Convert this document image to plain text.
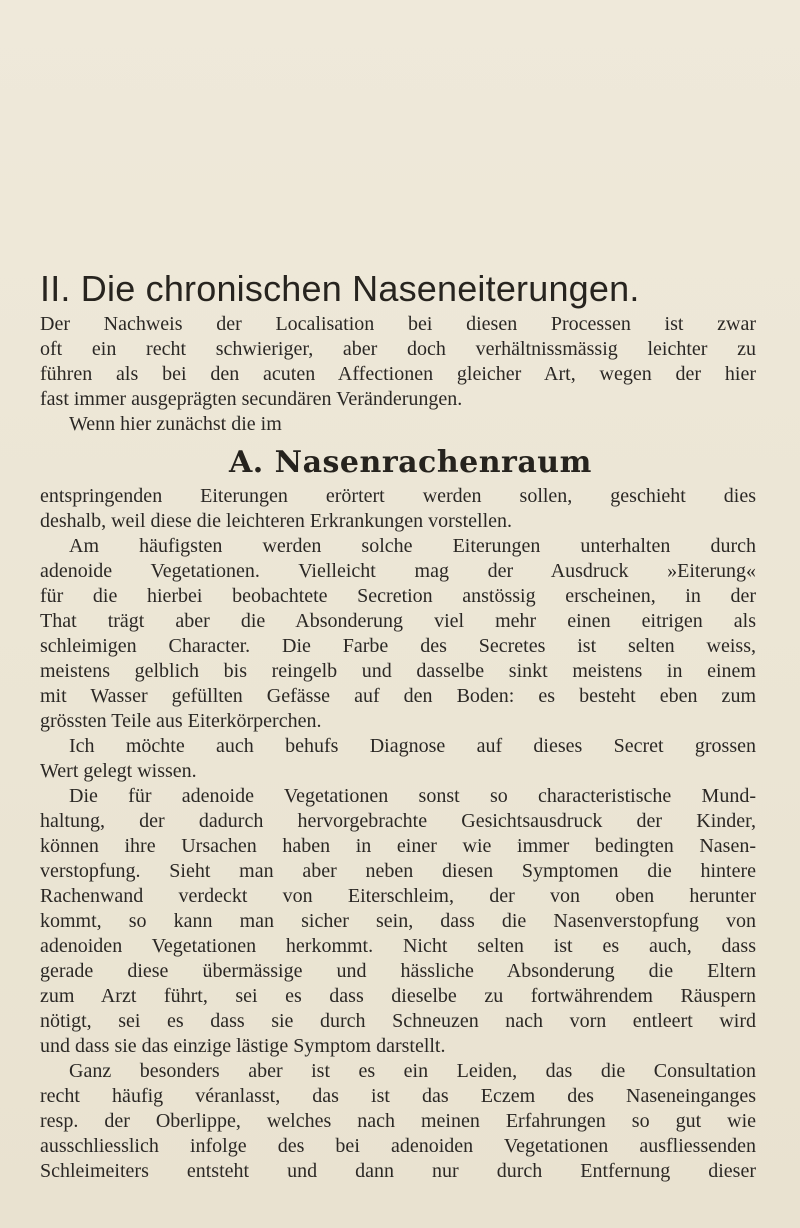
II. Die chronischen Naseneiterungen.
Der Nachweis der Localisation bei diesen Processen ist zwar
oft ein recht schwieriger, aber doch verhältnissmässig leichter zu
führen als bei den acuten Affectionen gleicher Art, wegen der hier
fast immer ausgeprägten secundären Veränderungen.
Wenn hier zunächst die im
A. Nasenrachenraum
entspringenden Eiterungen erörtert werden sollen, geschieht dies
deshalb, weil diese die leichteren Erkrankungen vorstellen.
Am häufigsten werden solche Eiterungen unterhalten durch
adenoide Vegetationen. Vielleicht mag der Ausdruck »Eiterung«
für die hierbei beobachtete Secretion anstössig erscheinen, in der
That trägt aber die Absonderung viel mehr einen eitrigen als
schleimigen Character. Die Farbe des Secretes ist selten weiss,
meistens gelblich bis reingelb und dasselbe sinkt meistens in einem
mit Wasser gefüllten Gefässe auf den Boden: es besteht eben zum
grössten Teile aus Eiterkörperchen.
Ich möchte auch behufs Diagnose auf dieses Secret grossen
Wert gelegt wissen.
Die für adenoide Vegetationen sonst so characteristische Mund-
haltung, der dadurch hervorgebrachte Gesichtsausdruck der Kinder,
können ihre Ursachen haben in einer wie immer bedingten Nasen-
verstopfung. Sieht man aber neben diesen Symptomen die hintere
Rachenwand verdeckt von Eiterschleim, der von oben herunter
kommt, so kann man sicher sein, dass die Nasenverstopfung von
adenoiden Vegetationen herkommt. Nicht selten ist es auch, dass
gerade diese übermässige und hässliche Absonderung die Eltern
zum Arzt führt, sei es dass dieselbe zu fortwährendem Räuspern
nötigt, sei es dass sie durch Schneuzen nach vorn entleert wird
und dass sie das einzige lästige Symptom darstellt.
Ganz besonders aber ist es ein Leiden, das die Consultation
recht häufig véranlasst, das ist das Eczem des Naseneinganges
resp. der Oberlippe, welches nach meinen Erfahrungen so gut wie
ausschliesslich infolge des bei adenoiden Vegetationen ausfliessenden
Schleimeiters entsteht und dann nur durch Entfernung dieser
